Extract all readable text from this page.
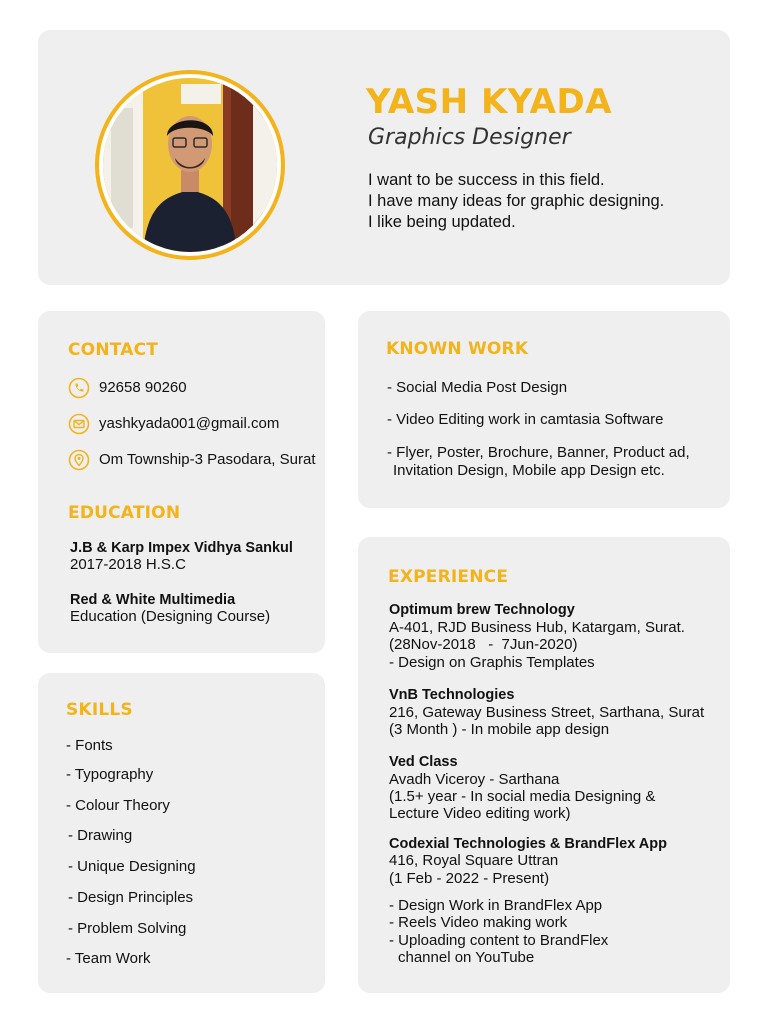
YASH KYADA
Graphics Designer
I want to be success in this field.
I have many ideas for graphic designing.
I like being updated.
CONTACT
92658 90260
yashkyada001@gmail.com
Om Township-3 Pasodara, Surat
EDUCATION
J.B & Karp Impex Vidhya Sankul
2017-2018 H.S.C
Red & White Multimedia
Education (Designing Course)
SKILLS
- Fonts
- Typography
- Colour Theory
- Drawing
- Unique Designing
- Design Principles
- Problem Solving
- Team Work
KNOWN WORK
- Social Media Post Design
- Video Editing work in camtasia Software
- Flyer, Poster, Brochure, Banner, Product ad,
Invitation Design, Mobile app Design etc.
EXPERIENCE
Optimum brew Technology
A-401, RJD Business Hub, Katargam, Surat.
(28Nov-2018   -  7Jun-2020)
- Design on Graphis Templates
VnB Technologies
216, Gateway Business Street, Sarthana, Surat
(3 Month ) - In mobile app design
Ved Class
Avadh Viceroy - Sarthana
(1.5+ year - In social media Designing &
Lecture Video editing work)
Codexial Technologies & BrandFlex App
416, Royal Square Uttran
(1 Feb - 2022 - Present)
- Design Work in BrandFlex App
- Reels Video making work
- Uploading content to BrandFlex
channel on YouTube
